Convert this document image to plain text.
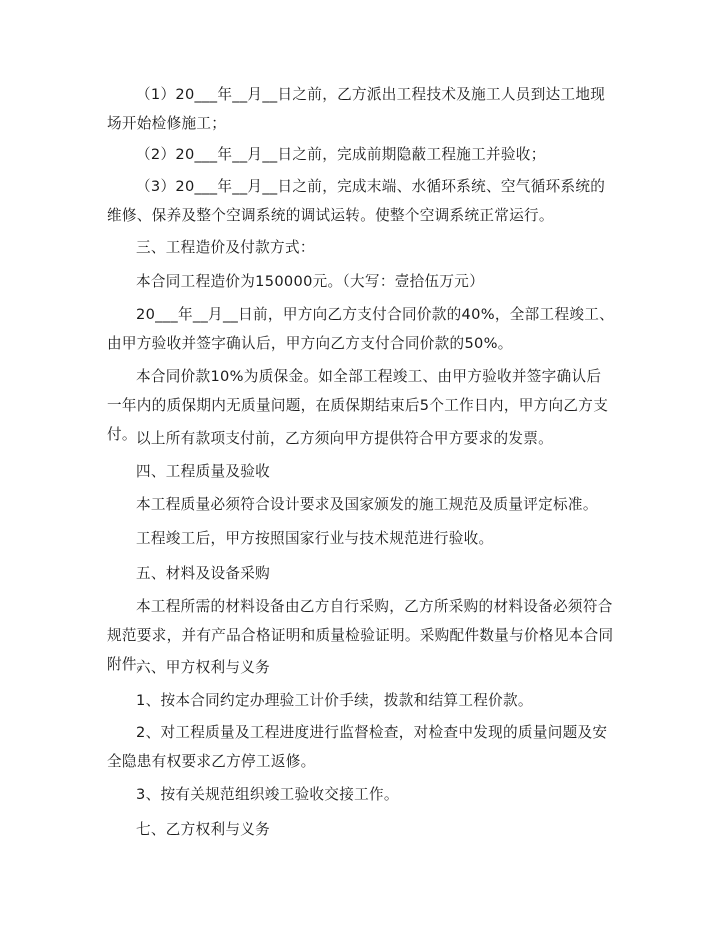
（1）20___年__月__日之前，乙方派出工程技术及施工人员到达工地现场开始检修施工；

（2）20___年__月__日之前，完成前期隐蔽工程施工并验收；

（3）20___年__月__日之前，完成末端、水循环系统、空气循环系统的维修、保养及整个空调系统的调试运转。使整个空调系统正常运行。

三、工程造价及付款方式：

本合同工程造价为150000元。（大写：壹拾伍万元）

20___年__月__日前，甲方向乙方支付合同价款的40%，全部工程竣工、由甲方验收并签字确认后，甲方向乙方支付合同价款的50%。

本合同价款10%为质保金。如全部工程竣工、由甲方验收并签字确认后一年内的质保期内无质量问题，在质保期结束后5个工作日内，甲方向乙方支付。 以上所有款项支付前，乙方须向甲方提供符合甲方要求的发票。

四、工程质量及验收

本工程质量必须符合设计要求及国家颁发的施工规范及质量评定标准。

工程竣工后，甲方按照国家行业与技术规范进行验收。

五、材料及设备采购

本工程所需的材料设备由乙方自行采购，乙方所采购的材料设备必须符合规范要求，并有产品合格证明和质量检验证明。采购配件数量与价格见本合同附件。

六、甲方权利与义务

1、按本合同约定办理验工计价手续，拨款和结算工程价款。

2、对工程质量及工程进度进行监督检查，对检查中发现的质量问题及安全隐患有权要求乙方停工返修。

3、按有关规范组织竣工验收交接工作。

七、乙方权利与义务
